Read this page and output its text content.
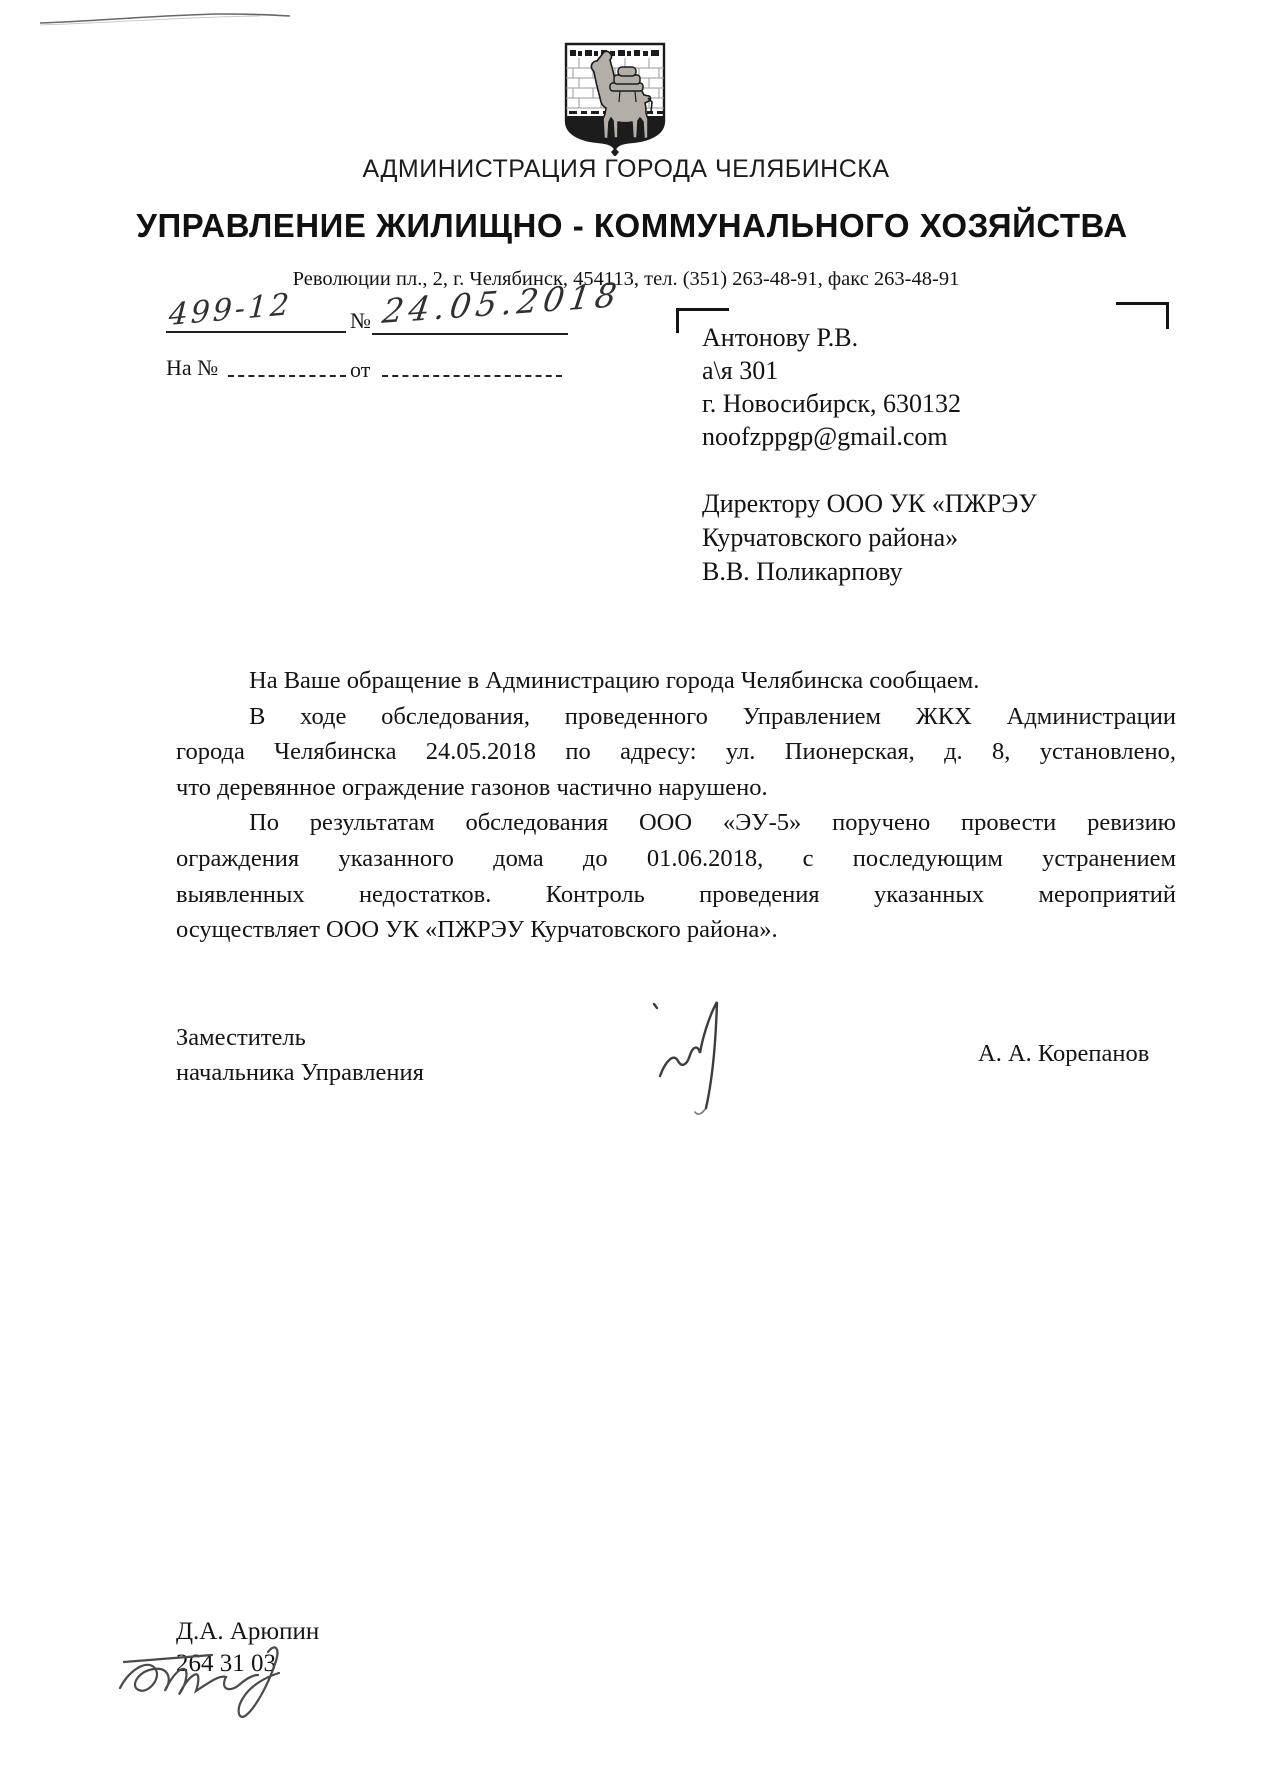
АДМИНИСТРАЦИЯ ГОРОДА ЧЕЛЯБИНСКА
УПРАВЛЕНИЕ ЖИЛИЩНО - КОММУНАЛЬНОГО ХОЗЯЙСТВА
Революции пл., 2, г. Челябинск, 454113, тел. (351) 263-48-91, факс 263-48-91
499-12	№ 24.05.2018
На №	от
Антонову Р.В.
а\я 301
г. Новосибирск, 630132
noofzppgp@gmail.com
Директору ООО УК «ПЖРЭУ
Курчатовского района»
В.В. Поликарпову
На Ваше обращение в Администрацию города Челябинска сообщаем.
В ходе обследования, проведенного Управлением ЖКХ Администрации
города Челябинска 24.05.2018 по адресу: ул. Пионерская, д. 8, установлено,
что деревянное ограждение газонов частично нарушено.
По результатам обследования ООО «ЭУ-5» поручено провести ревизию
ограждения указанного дома до 01.06.2018, с последующим устранением
выявленных недостатков. Контроль проведения указанных мероприятий
осуществляет ООО УК «ПЖРЭУ Курчатовского района».
Заместитель
начальника Управления
А. А. Корепанов
Д.А. Арюпин
264 31 03
